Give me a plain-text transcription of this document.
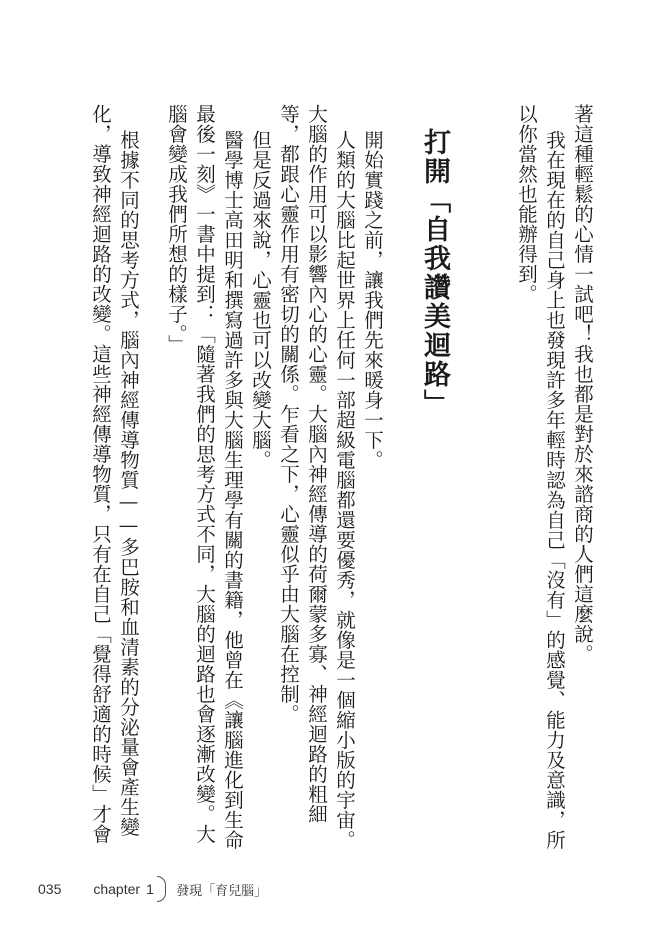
著這種輕鬆的心情一試吧！我也都是對於來諮商的人們這麼說。
我在現在的自己身上也發現許多年輕時認為自己「沒有」的感覺、能力及意識，所
以你當然也能辦得到。
打開「自我讚美迴路」
開始實踐之前，讓我們先來暖身一下。
人類的大腦比起世界上任何一部超級電腦都還要優秀，就像是一個縮小版的宇宙。
大腦的作用可以影響內心的心靈。大腦內神經傳導的荷爾蒙多寡、神經迴路的粗細
等，都跟心靈作用有密切的關係。乍看之下，心靈似乎由大腦在控制。
但是反過來說，心靈也可以改變大腦。
醫學博士高田明和撰寫過許多與大腦生理學有關的書籍，他曾在《讓腦進化到生命
最後一刻》一書中提到：「隨著我們的思考方式不同，大腦的迴路也會逐漸改變。大
腦會變成我們所想的樣子。」
根據不同的思考方式，腦內神經傳導物質——多巴胺和血清素的分泌量會產生變
化，導致神經迴路的改變。這些神經傳導物質，只有在自己「覺得舒適的時候」才會
035 chapter 1 發現「育兒腦」
